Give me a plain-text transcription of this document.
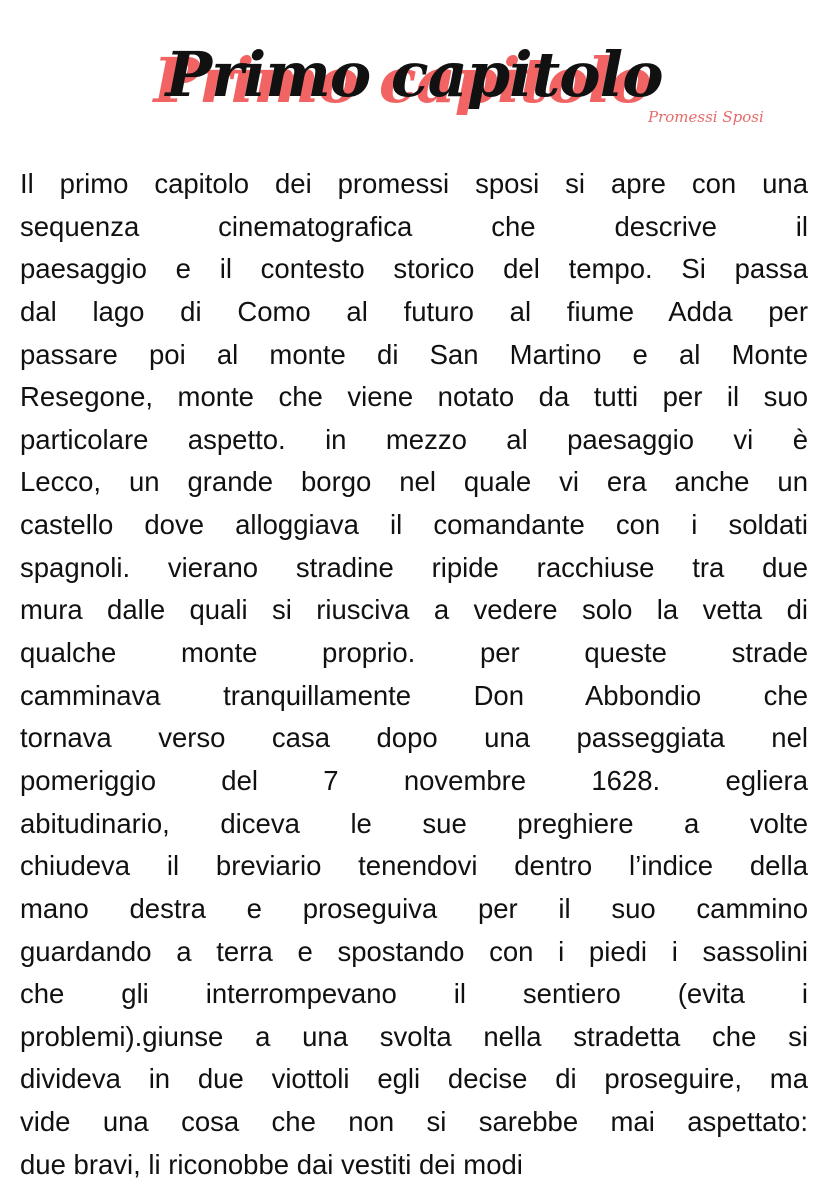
Primo capitolo
Promessi Sposi
Il primo capitolo dei promessi sposi si apre con una
sequenza cinematografica che descrive il
paesaggio e il contesto storico del tempo. Si passa
dal lago di Como al futuro al fiume Adda per
passare poi al monte di San Martino e al Monte
Resegone, monte che viene notato da tutti per il suo
particolare aspetto. in mezzo al paesaggio vi è
Lecco, un grande borgo nel quale vi era anche un
castello dove alloggiava il comandante con i soldati
spagnoli. vierano stradine ripide racchiuse tra due
mura dalle quali si riusciva a vedere solo la vetta di
qualche monte proprio. per queste strade
camminava tranquillamente Don Abbondio che
tornava verso casa dopo una passeggiata nel
pomeriggio del 7 novembre 1628. egliera
abitudinario, diceva le sue preghiere a volte
chiudeva il breviario tenendovi dentro l’indice della
mano destra e proseguiva per il suo cammino
guardando a terra e spostando con i piedi i sassolini
che gli interrompevano il sentiero (evita i
problemi).giunse a una svolta nella stradetta che si
divideva in due viottoli egli decise di proseguire, ma
vide una cosa che non si sarebbe mai aspettato:
due bravi, li riconobbe dai vestiti dei modi
